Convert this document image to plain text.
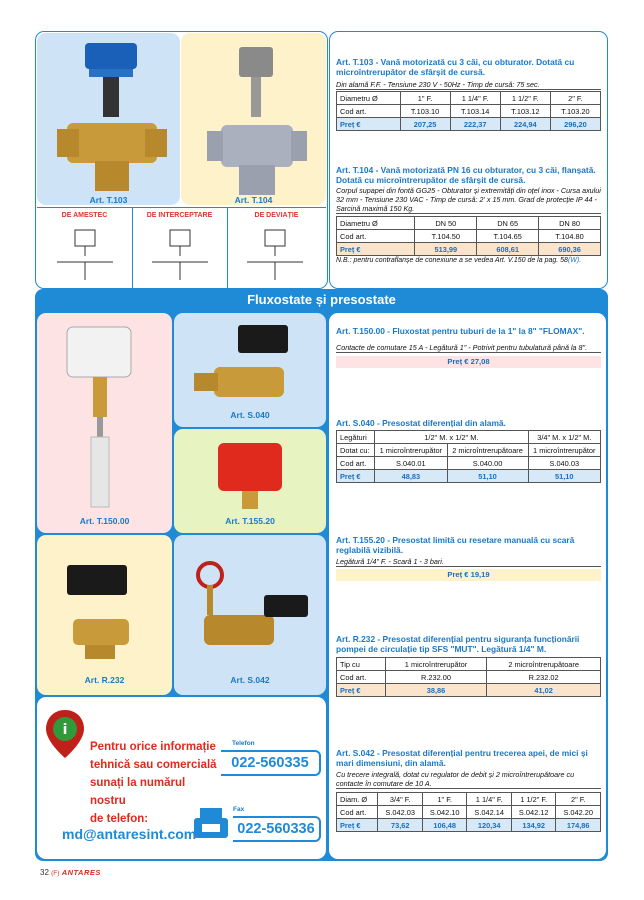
Art. T.103	Art. T.104
DE AMESTEC	DE INTERCEPTARE	DE DEVIAȚIE
Art. T.103 - Vană motorizată cu 3 căi, cu obturator. Dotată cu microîntrerupător de sfârșit de cursă.
Din alamă F.F. - Tensiune 230 V - 50Hz - Timp de cursă: 75 sec.
Diametru Ø	1" F.	1 1/4" F.	1 1/2" F.	2" F.
Cod art.	T.103.10	T.103.14	T.103.12	T.103.20
Preț €	207,25	222,37	224,94	296,20
Art. T.104 - Vană motorizată PN 16 cu obturator, cu 3 căi, flanșată. Dotată cu microîntrerupător de sfârșit de cursă.
Corpul supapei din fontă GG25 - Obturator și extremități din oțel inox - Cursa axului 32 mm - Tensiune 230 VAC - Timp de cursă: 2' x 15 mm. Grad de protecție IP 44 - Sarcină maximă 150 Kg.
Diametru Ø	DN 50	DN 65	DN 80
Cod art.	T.104.50	T.104.65	T.104.80
Preț €	513,99	608,61	690,36
N.B.: pentru contraflanșe de conexiune a se vedea Art. V.150 de la pag. 58(W).
Fluxostate și presostate
Art. T.150.00
Art. S.040
Art. T.155.20
Art. R.232	Art. S.042
Art. T.150.00 - Fluxostat pentru tuburi de la 1" la 8" "FLOMAX".
Contacte de comutare 15 A - Legătură 1" - Potrivit pentru tubulatură până la 8".
Preț € 27,08
Art. S.040 - Presostat diferențial din alamă.
Legături	1/2" M. x 1/2" M.		3/4" M. x 1/2" M.
Dotat cu:	1 microîntrerupător	2 microîntrerupătoare	1 microîntrerupător
Cod art.	S.040.01	S.040.00	S.040.03
Preț €	48,83	51,10	51,10
Art. T.155.20 - Presostat limită cu resetare manuală cu scară reglabilă vizibilă.
Legătură 1/4" F. - Scară 1 - 3 bari.
Preț € 19,19
Art. R.232 - Presostat diferențial pentru siguranța funcționării pompei de circulație tip SFS "MUT". Legătură 1/4" M.
Tip cu	1 microîntrerupător	2 microîntrerupătoare
Cod art.	R.232.00	R.232.02
Preț €	38,86	41,02
Art. S.042 - Presostat diferențial pentru trecerea apei, de mici și mari dimensiuni, din alamă.
Cu trecere integrală, dotat cu regulator de debit și 2 microîntrerupătoare cu contacte în comutare de 10 A.
Diam. Ø	3/4" F.	1" F.	1 1/4" F.	1 1/2" F.	2" F.
Cod art.	S.042.03	S.042.10	S.042.14	S.042.12	S.042.20
Preț €	73,62	106,48	120,34	134,92	174,86
i
Pentru orice informație
tehnică sau comercială
sunați la numărul nostru
de telefon:
Telefon
022-560335
Fax
022-560336
md@antaresint.com
32 (F) ANTARES
